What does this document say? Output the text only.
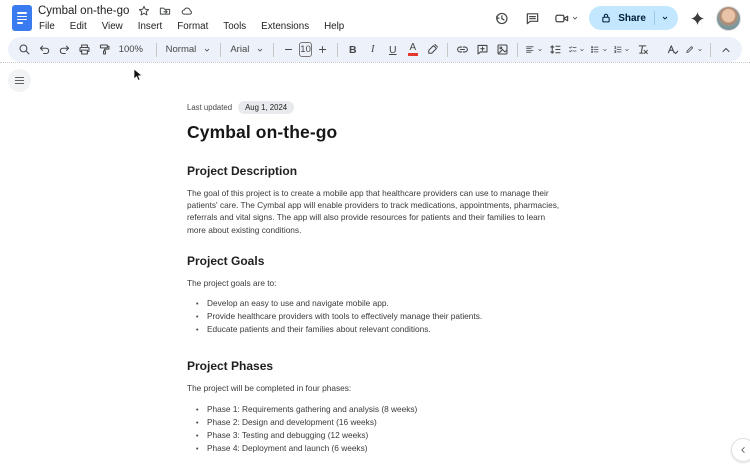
Cymbal on-the-go
File Edit View Insert Format Tools Extensions Help
Share
100% Normal	Arial	10	B	I	U	A
Last updated	Aug 1, 2024
Cymbal on-the-go
Project Description

The goal of this project is to create a mobile app that healthcare providers can use to manage their patients' care. The Cymbal app will enable providers to track medications, appointments, pharmacies, referrals and vital signs. The app will also provide resources for patients and their families to learn more about existing conditions.

Project Goals

The project goals are to:

• Develop an easy to use and navigate mobile app.
• Provide healthcare providers with tools to effectively manage their patients.
• Educate patients and their families about relevant conditions.
Project Phases

The project will be completed in four phases:

• Phase 1: Requirements gathering and analysis (8 weeks)
• Phase 2: Design and development (16 weeks)
• Phase 3: Testing and debugging (12 weeks)
• Phase 4: Deployment and launch (6 weeks)
